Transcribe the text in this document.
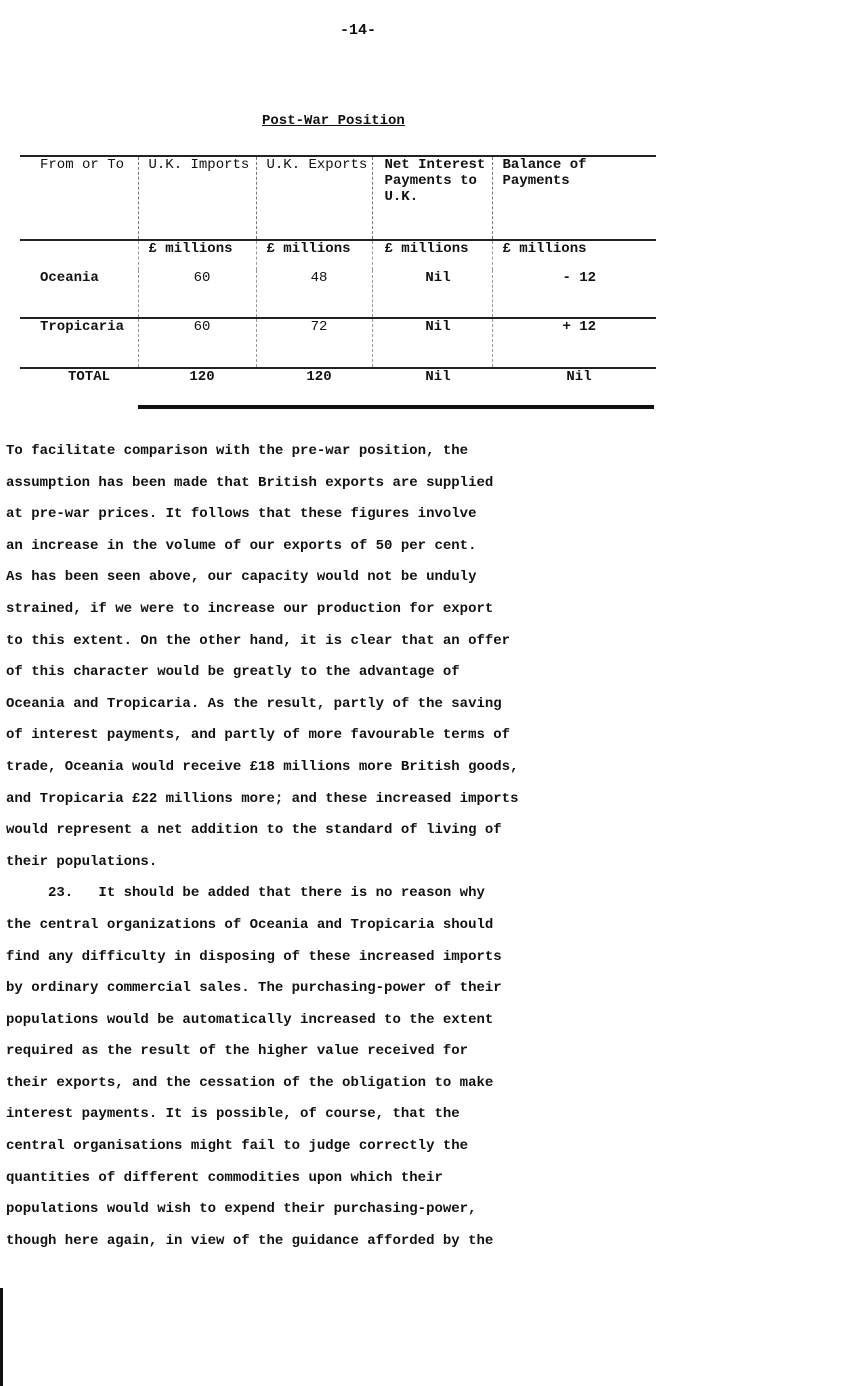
-14-
Post-War Position
From or To	U.K. Imports	U.K. Exports	Net Interest Payments to U.K.	Balance of Payments
	£ millions	£ millions	£ millions	£ millions
Oceania	60	48	Nil	- 12
Tropicaria	60	72	Nil	+ 12
TOTAL	120	120	Nil	Nil
To facilitate comparison with the pre-war position, the
assumption has been made that British exports are supplied
at pre-war prices. It follows that these figures involve
an increase in the volume of our exports of 50 per cent.
As has been seen above, our capacity would not be unduly
strained, if we were to increase our production for export
to this extent. On the other hand, it is clear that an offer
of this character would be greatly to the advantage of
Oceania and Tropicaria. As the result, partly of the saving
of interest payments, and partly of more favourable terms of
trade, Oceania would receive £18 millions more British goods,
and Tropicaria £22 millions more; and these increased imports
would represent a net addition to the standard of living of
their populations.
23.   It should be added that there is no reason why
the central organizations of Oceania and Tropicaria should
find any difficulty in disposing of these increased imports
by ordinary commercial sales. The purchasing-power of their
populations would be automatically increased to the extent
required as the result of the higher value received for
their exports, and the cessation of the obligation to make
interest payments. It is possible, of course, that the
central organisations might fail to judge correctly the
quantities of different commodities upon which their
populations would wish to expend their purchasing-power,
though here again, in view of the guidance afforded by the
